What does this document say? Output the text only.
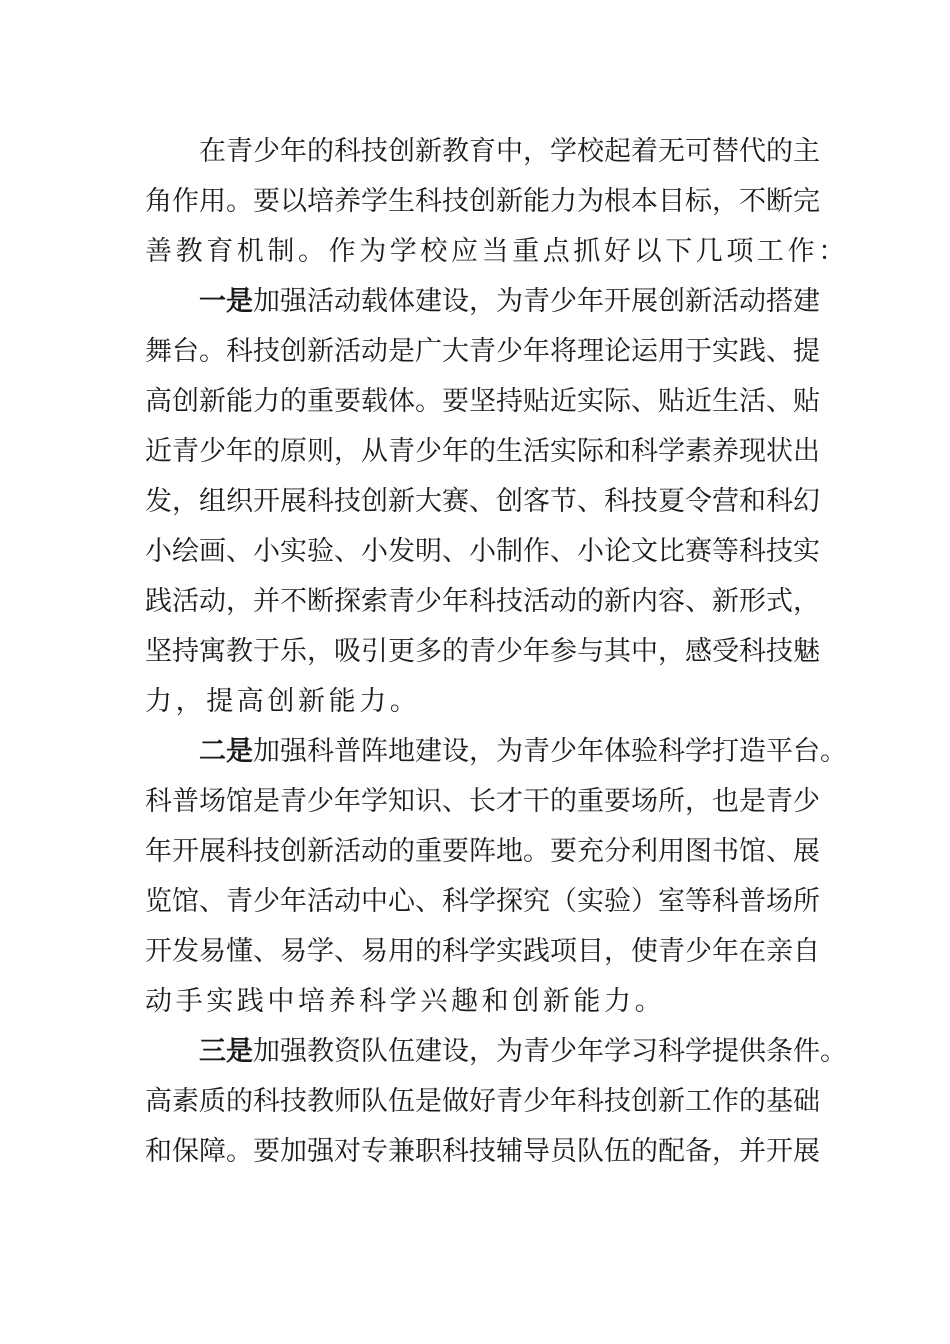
在青少年的科技创新教育中，学校起着无可替代的主
角作用。要以培养学生科技创新能力为根本目标，不断完
善教育机制。作为学校应当重点抓好以下几项工作：
一是加强活动载体建设，为青少年开展创新活动搭建
舞台。科技创新活动是广大青少年将理论运用于实践、提
高创新能力的重要载体。要坚持贴近实际、贴近生活、贴
近青少年的原则，从青少年的生活实际和科学素养现状出
发，组织开展科技创新大赛、创客节、科技夏令营和科幻
小绘画、小实验、小发明、小制作、小论文比赛等科技实
践活动，并不断探索青少年科技活动的新内容、新形式，
坚持寓教于乐，吸引更多的青少年参与其中，感受科技魅
力，提高创新能力。
二是加强科普阵地建设，为青少年体验科学打造平台。
科普场馆是青少年学知识、长才干的重要场所，也是青少
年开展科技创新活动的重要阵地。要充分利用图书馆、展
览馆、青少年活动中心、科学探究（实验）室等科普场所
开发易懂、易学、易用的科学实践项目，使青少年在亲自
动手实践中培养科学兴趣和创新能力。
三是加强教资队伍建设，为青少年学习科学提供条件。
高素质的科技教师队伍是做好青少年科技创新工作的基础
和保障。要加强对专兼职科技辅导员队伍的配备，并开展
